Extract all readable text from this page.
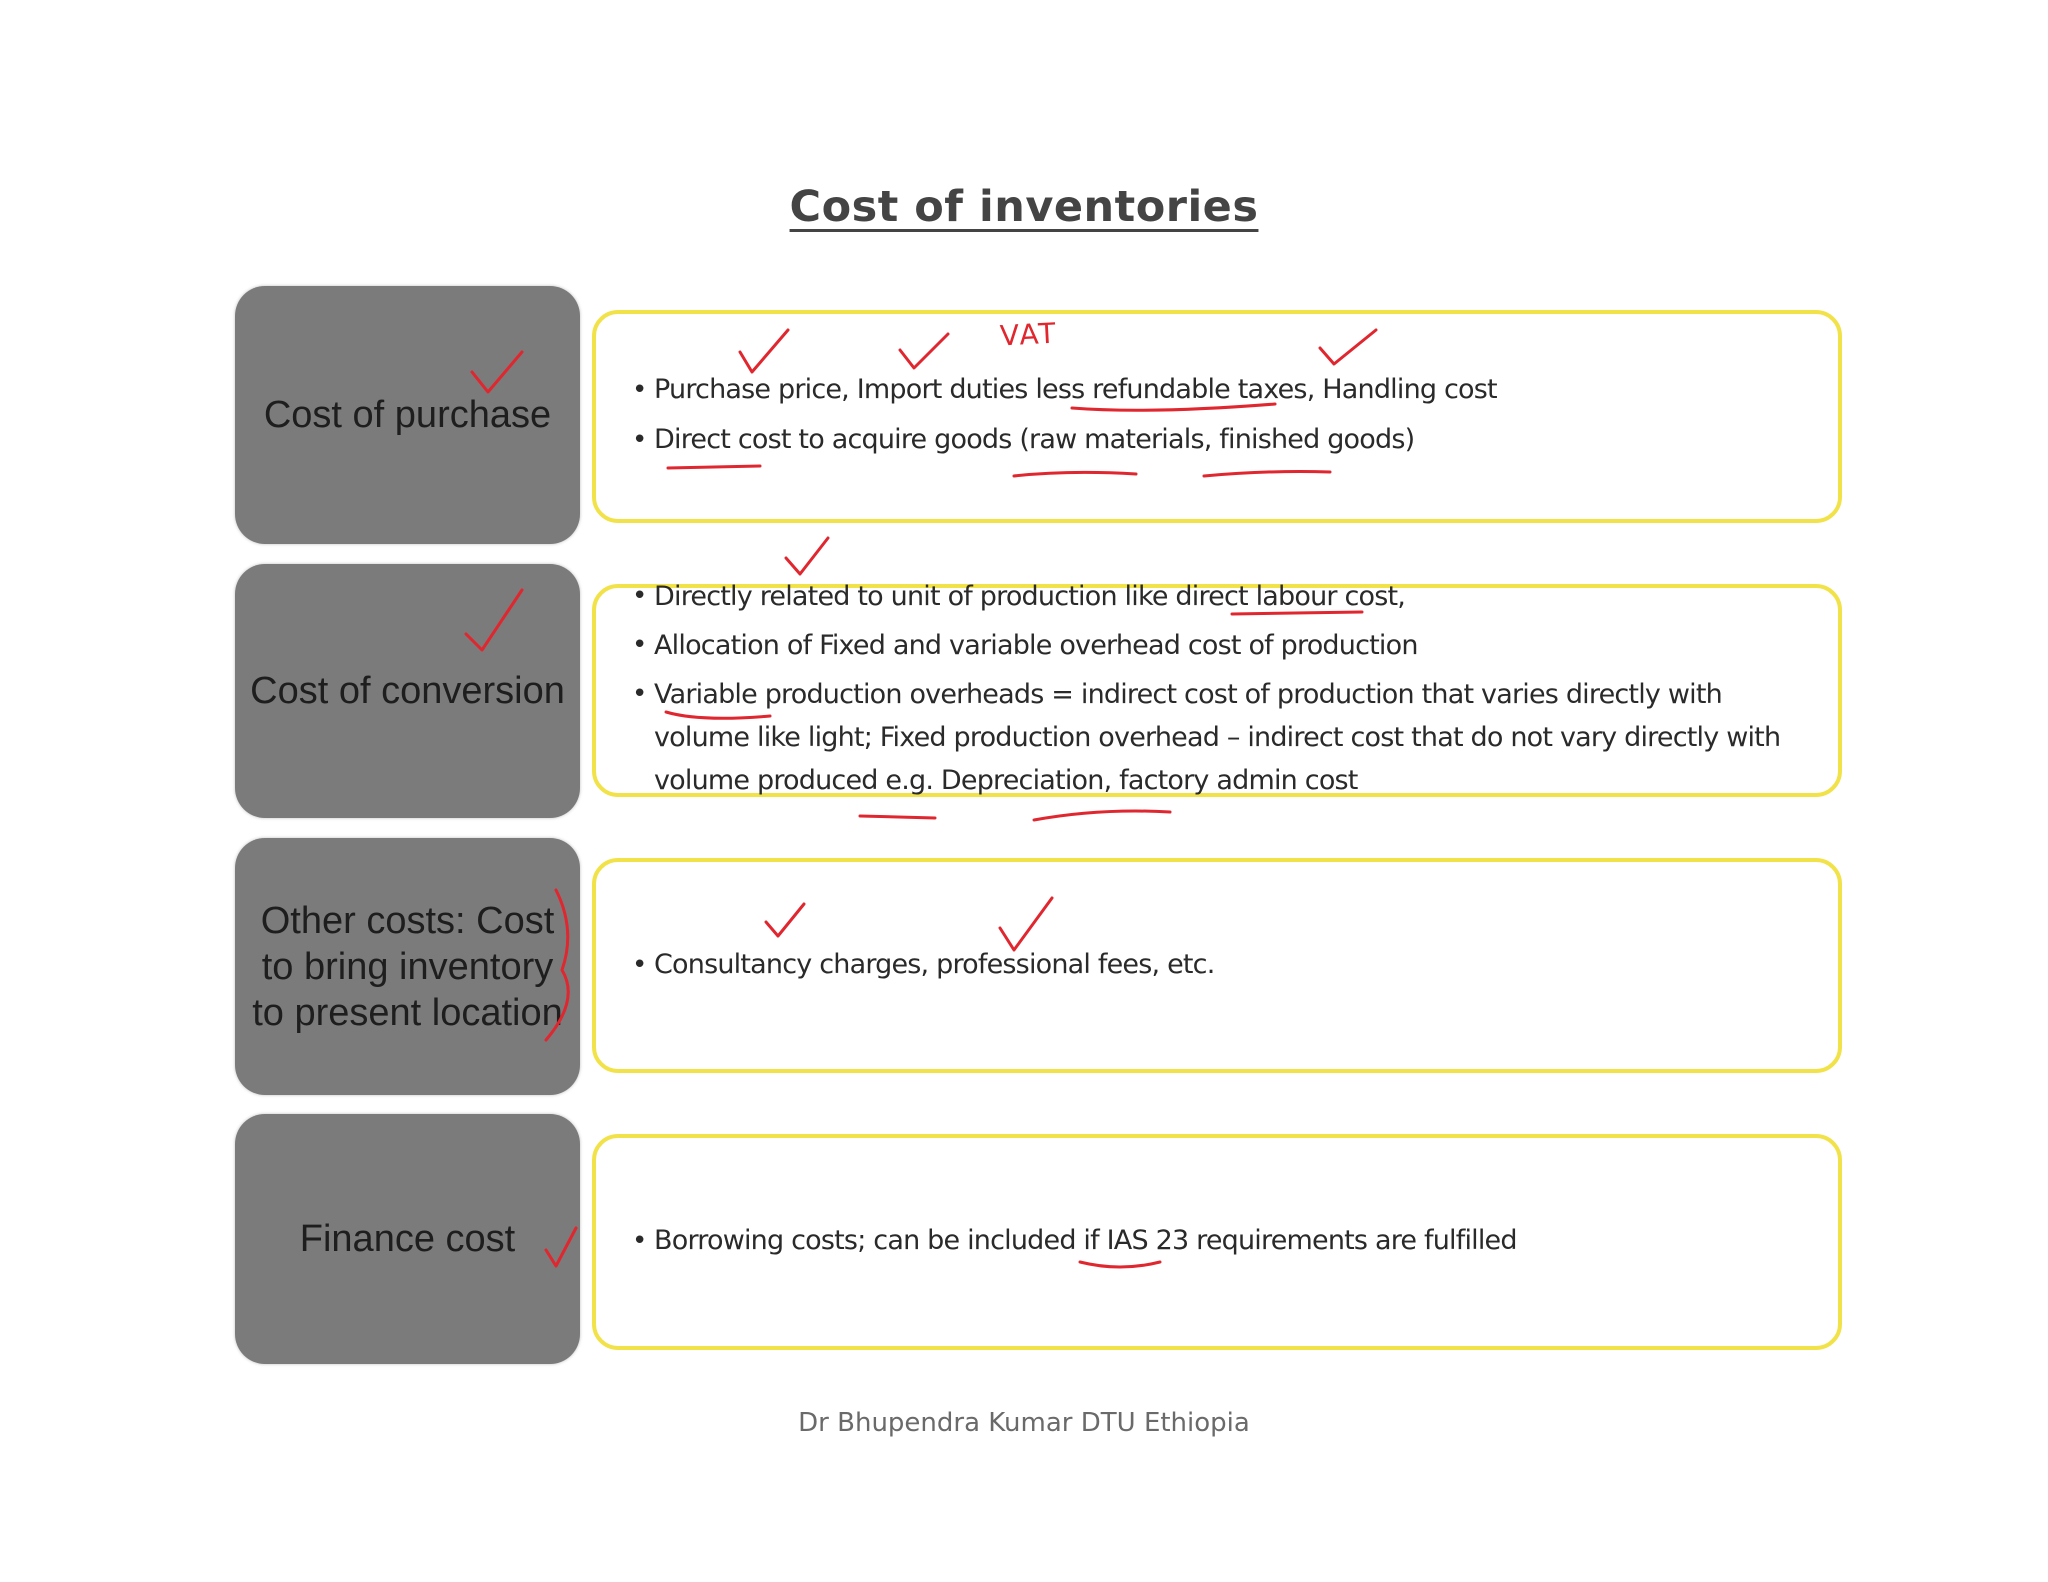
Cost of inventories
Cost of purchase
• Purchase price, Import duties less refundable taxes, Handling cost
• Direct cost to acquire goods (raw materials, finished goods)
Cost of conversion
• Directly related to unit of production like direct labour cost,
• Allocation of Fixed and variable overhead cost of production
• Variable production overheads = indirect cost of production that varies directly with volume like light; Fixed production overhead – indirect cost that do not vary directly with volume produced e.g. Depreciation, factory admin cost
Other costs: Cost to bring inventory to present location
• Consultancy charges, professional fees, etc.
Finance cost
•	Borrowing costs; can be included if IAS 23 requirements are fulfilled
VAT
Dr Bhupendra Kumar DTU Ethiopia
